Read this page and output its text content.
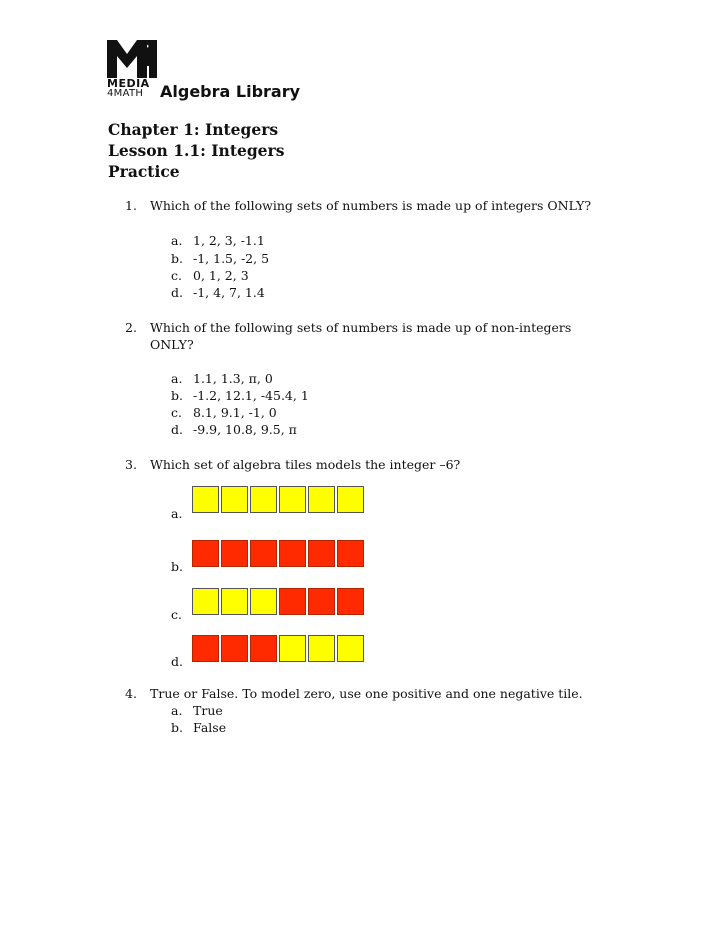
MEDIA
4MATH Algebra Library
Chapter 1: Integers
Lesson 1.1: Integers
Practice
1. Which of the following sets of numbers is made up of integers ONLY?
a. 1, 2, 3, -1.1
b. -1, 1.5, -2, 5
c. 0, 1, 2, 3
d. -1, 4, 7, 1.4
2. Which of the following sets of numbers is made up of non-integers
ONLY?
a. 1.1, 1.3, π, 0
b. -1.2, 12.1, -45.4, 1
c. 8.1, 9.1, -1, 0
d. -9.9, 10.8, 9.5, π
3. Which set of algebra tiles models the integer –6?
a.
b.
c.
d.
4. True or False. To model zero, use one positive and one negative tile.
a. True
b. False
